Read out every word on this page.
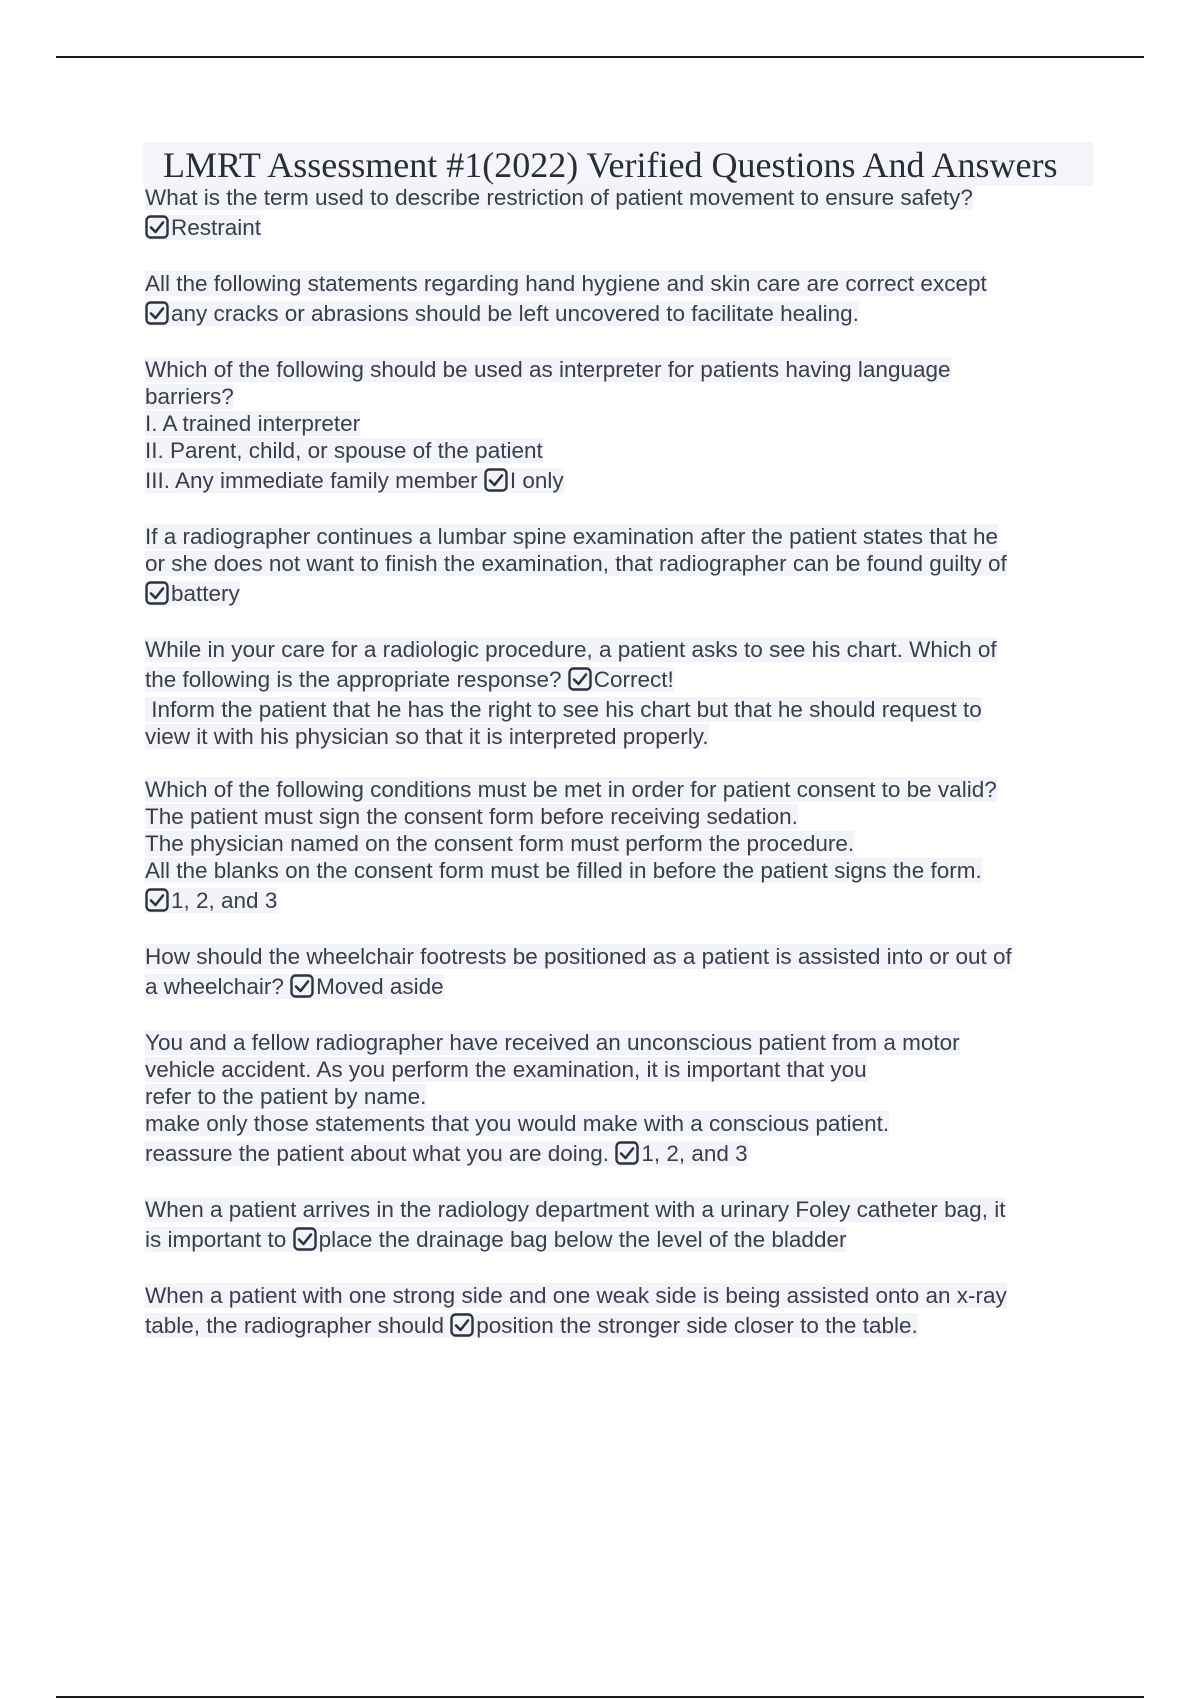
LMRT Assessment #1(2022) Verified Questions And Answers
What is the term used to describe restriction of patient movement to ensure safety?
Restraint
All the following statements regarding hand hygiene and skin care are correct except
any cracks or abrasions should be left uncovered to facilitate healing.
Which of the following should be used as interpreter for patients having language
barriers?
I. A trained interpreter
II. Parent, child, or spouse of the patient
III. Any immediate family member I only
If a radiographer continues a lumbar spine examination after the patient states that he
or she does not want to finish the examination, that radiographer can be found guilty of
battery
While in your care for a radiologic procedure, a patient asks to see his chart. Which of
the following is the appropriate response? Correct!
Inform the patient that he has the right to see his chart but that he should request to
view it with his physician so that it is interpreted properly.
Which of the following conditions must be met in order for patient consent to be valid?
The patient must sign the consent form before receiving sedation.
The physician named on the consent form must perform the procedure.
All the blanks on the consent form must be filled in before the patient signs the form.
1, 2, and 3
How should the wheelchair footrests be positioned as a patient is assisted into or out of
a wheelchair? Moved aside
You and a fellow radiographer have received an unconscious patient from a motor
vehicle accident. As you perform the examination, it is important that you
refer to the patient by name.
make only those statements that you would make with a conscious patient.
reassure the patient about what you are doing. 1, 2, and 3
When a patient arrives in the radiology department with a urinary Foley catheter bag, it
is important to place the drainage bag below the level of the bladder
When a patient with one strong side and one weak side is being assisted onto an x-ray
table, the radiographer should position the stronger side closer to the table.
